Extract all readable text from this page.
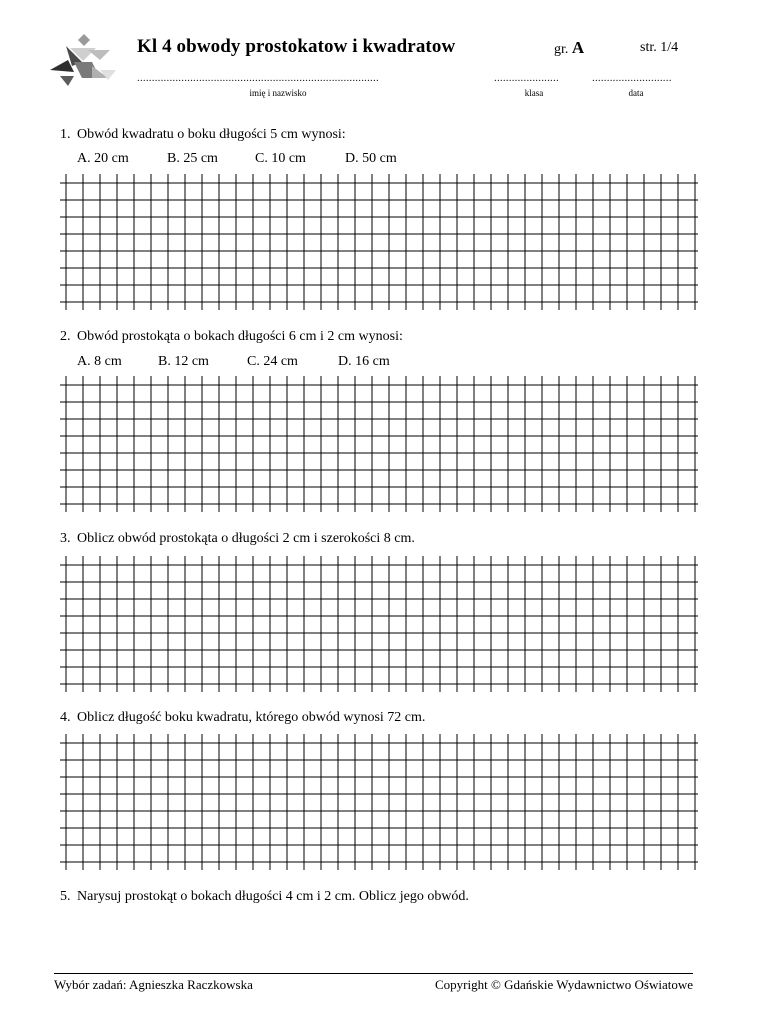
Kl 4 obwody prostokatow i kwadratow	gr. A	str. 1/4
..................................................................................	......................	...........................
imię i nazwisko	klasa	data
1. Obwód kwadratu o boku długości 5 cm wynosi:
A. 20 cm	B. 25 cm	C. 10 cm	D. 50 cm
2. Obwód prostokąta o bokach długości 6 cm i 2 cm wynosi:
A. 8 cm	B. 12 cm	C. 24 cm	D. 16 cm
3. Oblicz obwód prostokąta o długości 2 cm i szerokości 8 cm.
4. Oblicz długość boku kwadratu, którego obwód wynosi 72 cm.
5. Narysuj prostokąt o bokach długości 4 cm i 2 cm. Oblicz jego obwód.
Wybór zadań: Agnieszka Raczkowska	Copyright © Gdańskie Wydawnictwo Oświatowe
